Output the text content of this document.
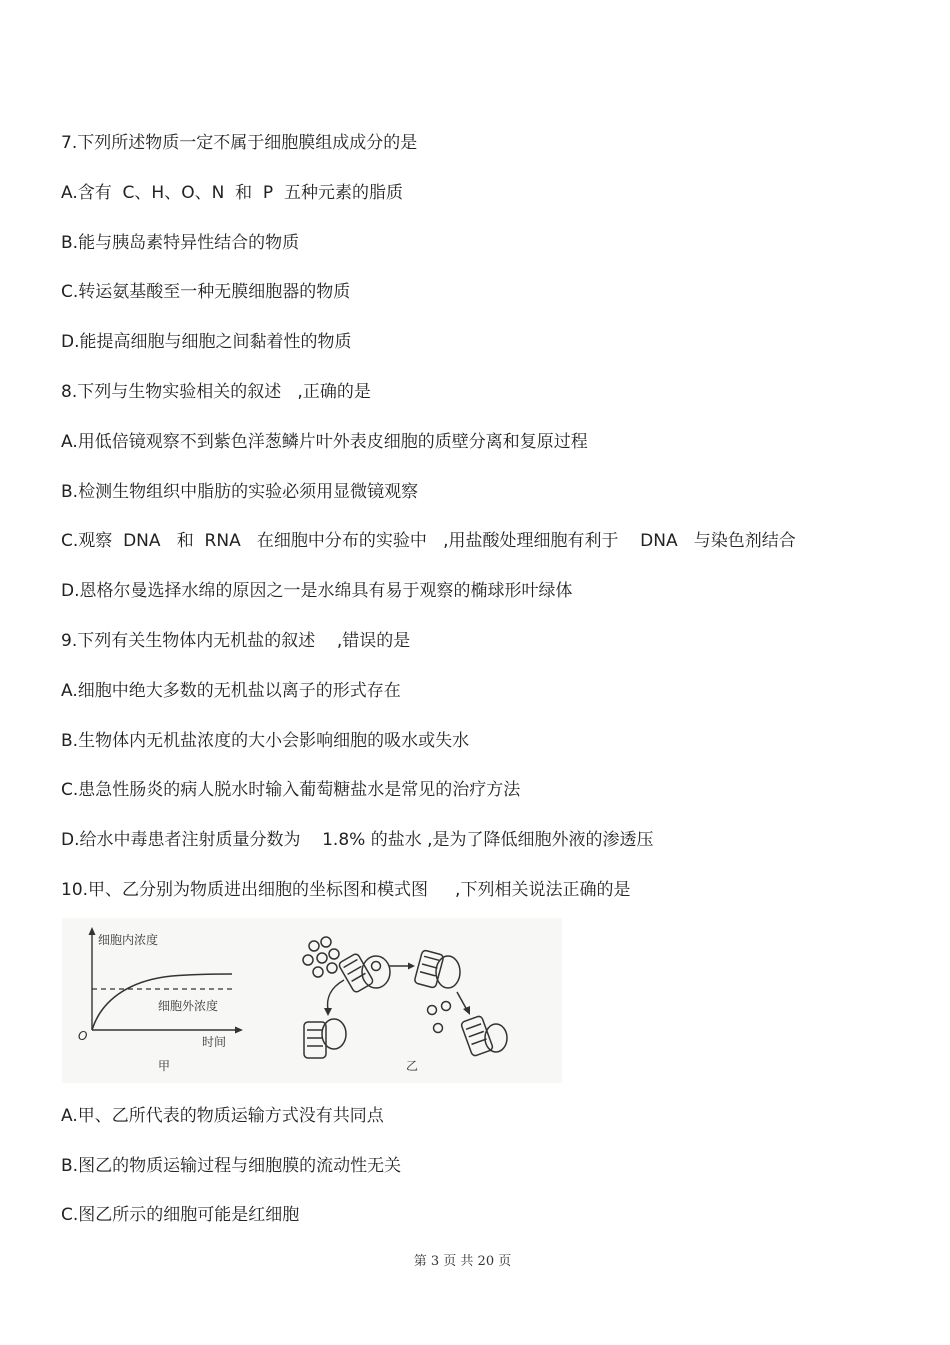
7.下列所述物质一定不属于细胞膜组成成分的是
A.含有  C、H、O、N  和  P  五种元素的脂质
B.能与胰岛素特异性结合的物质
C.转运氨基酸至一种无膜细胞器的物质
D.能提高细胞与细胞之间黏着性的物质
8.下列与生物实验相关的叙述   ,正确的是
A.用低倍镜观察不到紫色洋葱鳞片叶外表皮细胞的质壁分离和复原过程
B.检测生物组织中脂肪的实验必须用显微镜观察
C.观察  DNA   和  RNA   在细胞中分布的实验中   ,用盐酸处理细胞有利于    DNA   与染色剂结合
D.恩格尔曼选择水绵的原因之一是水绵具有易于观察的椭球形叶绿体
9.下列有关生物体内无机盐的叙述    ,错误的是
A.细胞中绝大多数的无机盐以离子的形式存在
B.生物体内无机盐浓度的大小会影响细胞的吸水或失水
C.患急性肠炎的病人脱水时输入葡萄糖盐水是常见的治疗方法
D.给水中毒患者注射质量分数为    1.8% 的盐水 ,是为了降低细胞外液的渗透压
10.甲、乙分别为物质进出细胞的坐标图和模式图     ,下列相关说法正确的是
细胞内浓度
细胞外浓度
时间
O
甲	乙
A.甲、乙所代表的物质运输方式没有共同点
B.图乙的物质运输过程与细胞膜的流动性无关
C.图乙所示的细胞可能是红细胞
第 3 页 共 20 页
